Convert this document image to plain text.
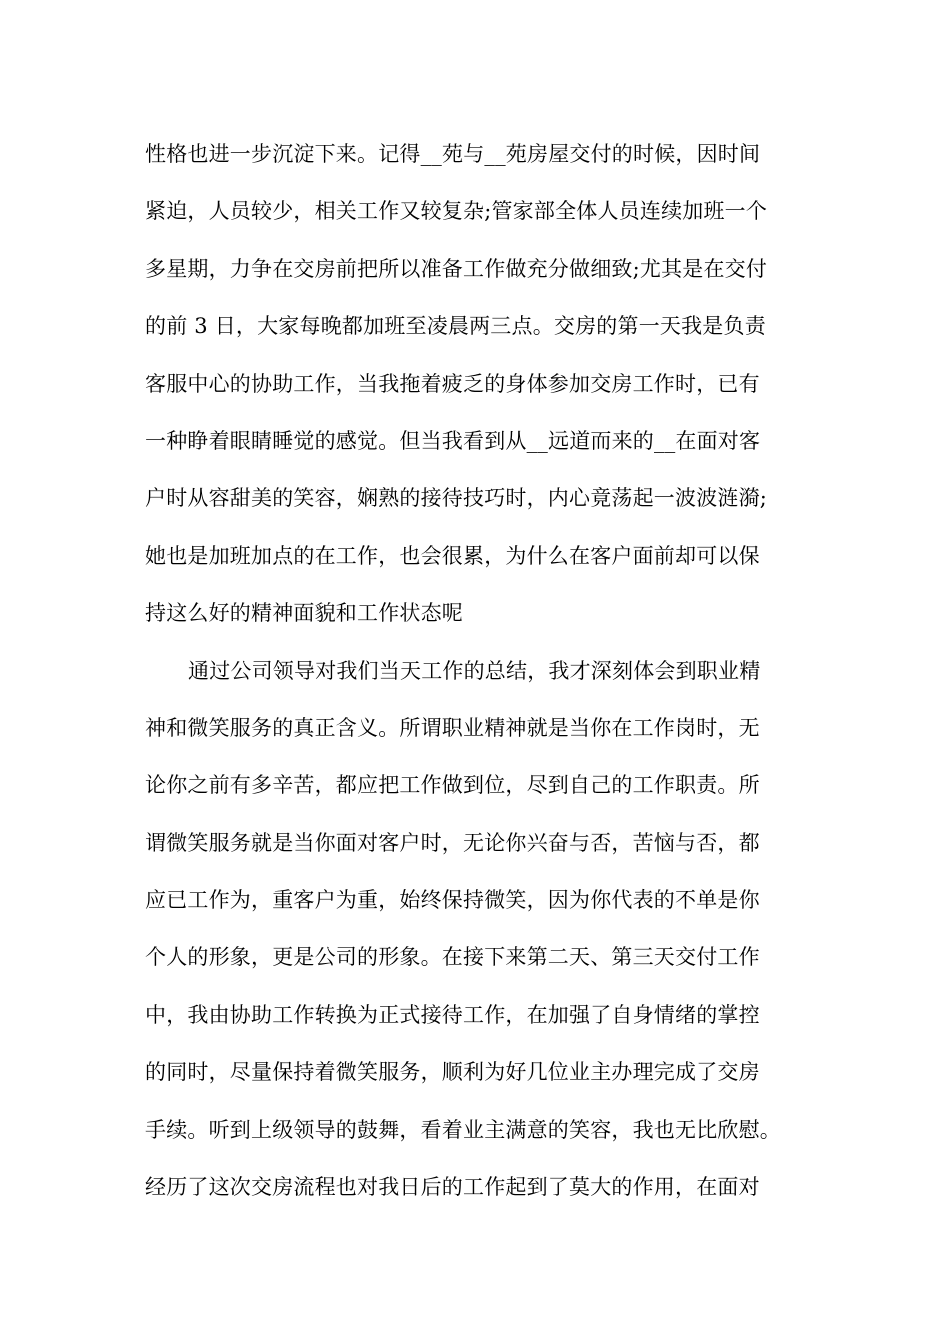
性格也进一步沉淀下来。记得__苑与__苑房屋交付的时候，因时间
紧迫，人员较少，相关工作又较复杂;管家部全体人员连续加班一个
多星期，力争在交房前把所以准备工作做充分做细致;尤其是在交付
的前 3 日，大家每晚都加班至凌晨两三点。交房的第一天我是负责
客服中心的协助工作，当我拖着疲乏的身体参加交房工作时，已有
一种睁着眼睛睡觉的感觉。但当我看到从__远道而来的__在面对客
户时从容甜美的笑容，娴熟的接待技巧时，内心竟荡起一波波涟漪;
她也是加班加点的在工作，也会很累，为什么在客户面前却可以保
持这么好的精神面貌和工作状态呢
通过公司领导对我们当天工作的总结，我才深刻体会到职业精
神和微笑服务的真正含义。所谓职业精神就是当你在工作岗时，无
论你之前有多辛苦，都应把工作做到位，尽到自己的工作职责。所
谓微笑服务就是当你面对客户时，无论你兴奋与否，苦恼与否，都
应已工作为，重客户为重，始终保持微笑，因为你代表的不单是你
个人的形象，更是公司的形象。在接下来第二天、第三天交付工作
中，我由协助工作转换为正式接待工作，在加强了自身情绪的掌控
的同时，尽量保持着微笑服务，顺利为好几位业主办理完成了交房
手续。听到上级领导的鼓舞，看着业主满意的笑容，我也无比欣慰。
经历了这次交房流程也对我日后的工作起到了莫大的作用，在面对
